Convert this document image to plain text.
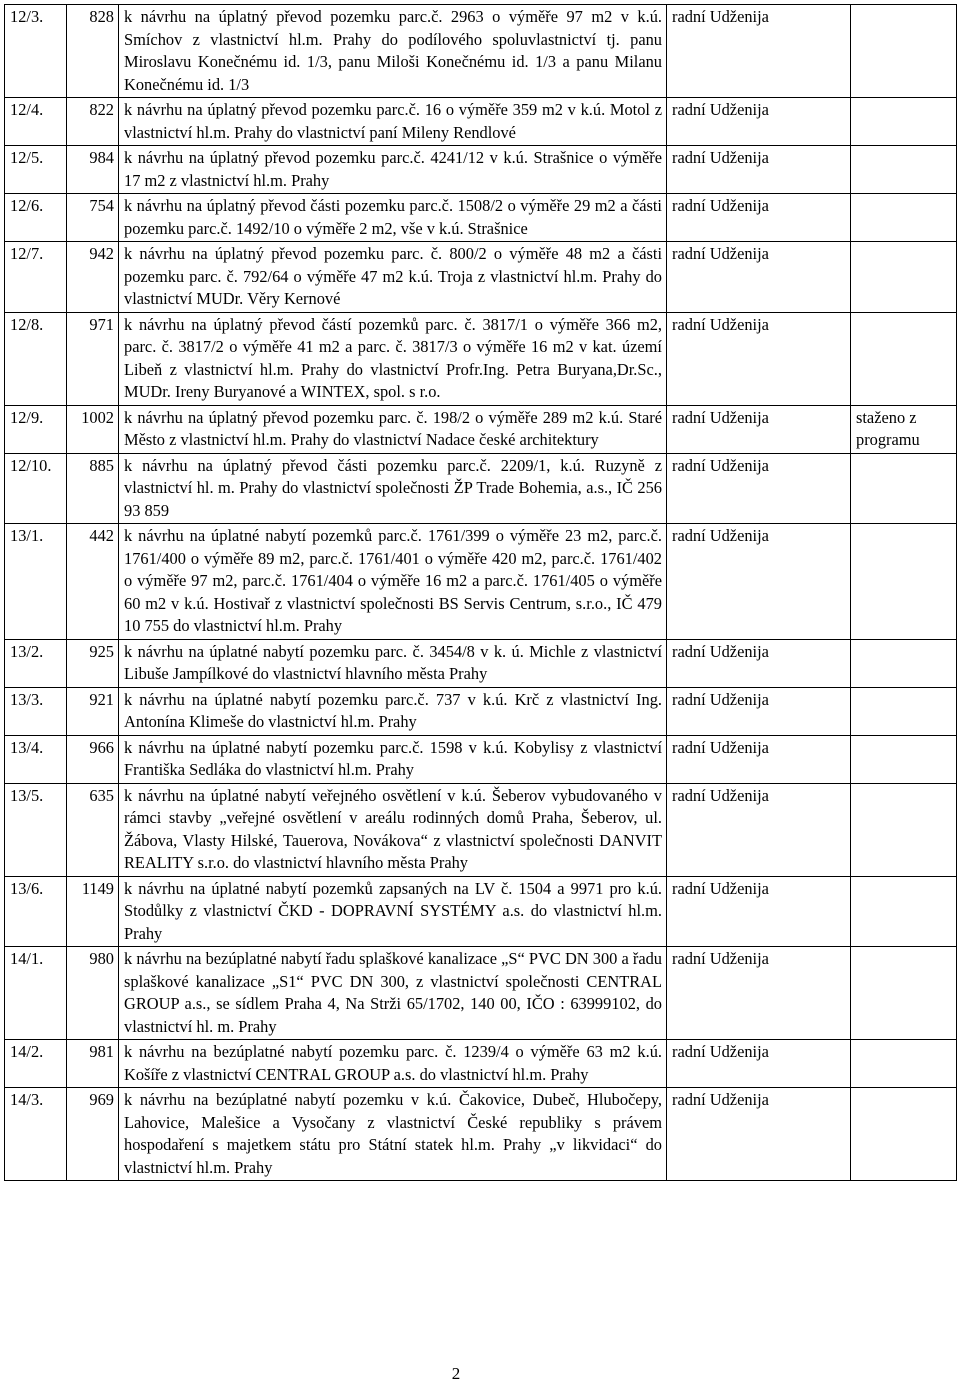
12/3.	828	k návrhu na úplatný převod pozemku parc.č. 2963 o výměře 97 m2 v k.ú. Smíchov z vlastnictví hl.m. Prahy do podílového spoluvlastnictví tj. panu Miroslavu Konečnému id. 1/3, panu Miloši Konečnému id. 1/3 a panu Milanu Konečnému id. 1/3	radní Udženija	
12/4.	822	k návrhu na úplatný převod pozemku parc.č. 16 o výměře 359 m2 v k.ú. Motol z vlastnictví hl.m. Prahy do vlastnictví paní Mileny Rendlové	radní Udženija	
12/5.	984	k návrhu na úplatný převod pozemku parc.č. 4241/12 v k.ú. Strašnice o výměře 17 m2 z vlastnictví hl.m. Prahy	radní Udženija	
12/6.	754	k návrhu na úplatný převod části pozemku parc.č. 1508/2 o výměře 29 m2 a části pozemku parc.č. 1492/10 o výměře 2 m2, vše v k.ú. Strašnice	radní Udženija	
12/7.	942	k návrhu na úplatný převod pozemku parc. č. 800/2 o výměře 48 m2 a části pozemku parc. č. 792/64 o výměře 47 m2 k.ú. Troja z vlastnictví hl.m. Prahy do vlastnictví MUDr. Věry Kernové	radní Udženija	
12/8.	971	k návrhu na úplatný převod částí pozemků parc. č. 3817/1 o výměře 366 m2, parc. č. 3817/2 o výměře 41 m2 a parc. č. 3817/3 o výměře 16 m2 v kat. území Libeň z vlastnictví hl.m. Prahy do vlastnictví Profr.Ing. Petra Buryana,Dr.Sc., MUDr. Ireny Buryanové a WINTEX, spol. s r.o.	radní Udženija	
12/9.	1002	k návrhu na úplatný převod pozemku parc. č. 198/2 o výměře 289 m2 k.ú. Staré Město z vlastnictví hl.m. Prahy do vlastnictví Nadace české architektury	radní Udženija	staženo z programu
12/10.	885	k návrhu na úplatný převod části pozemku parc.č. 2209/1, k.ú. Ruzyně z vlastnictví hl. m. Prahy do vlastnictví společnosti ŽP Trade Bohemia, a.s., IČ 256 93 859	radní Udženija	
13/1.	442	k návrhu na úplatné nabytí pozemků parc.č. 1761/399 o výměře 23 m2, parc.č. 1761/400 o výměře 89 m2, parc.č. 1761/401 o výměře 420 m2, parc.č. 1761/402 o výměře 97 m2, parc.č. 1761/404 o výměře 16 m2 a parc.č. 1761/405 o výměře 60 m2 v k.ú. Hostivař z vlastnictví společnosti BS Servis Centrum, s.r.o., IČ 479 10 755 do vlastnictví hl.m. Prahy	radní Udženija	
13/2.	925	k návrhu na úplatné nabytí pozemku parc. č. 3454/8 v k. ú. Michle z vlastnictví Libuše Jampílkové do vlastnictví hlavního města Prahy	radní Udženija	
13/3.	921	k návrhu na úplatné nabytí pozemku parc.č. 737 v k.ú. Krč z vlastnictví Ing. Antonína Klimeše do vlastnictví hl.m. Prahy	radní Udženija	
13/4.	966	k návrhu na úplatné nabytí pozemku parc.č. 1598 v k.ú. Kobylisy z vlastnictví Františka Sedláka do vlastnictví hl.m. Prahy	radní Udženija	
13/5.	635	k návrhu na úplatné nabytí veřejného osvětlení v k.ú. Šeberov vybudovaného v rámci stavby „veřejné osvětlení v areálu rodinných domů Praha, Šeberov, ul. Žábova, Vlasty Hilské, Tauerova, Novákova“ z vlastnictví společnosti DANVIT REALITY s.r.o. do vlastnictví hlavního města Prahy	radní Udženija	
13/6.	1149	k návrhu na úplatné nabytí pozemků zapsaných na LV č. 1504 a 9971 pro k.ú. Stodůlky z vlastnictví ČKD - DOPRAVNÍ SYSTÉMY a.s. do vlastnictví hl.m. Prahy	radní Udženija	
14/1.	980	k návrhu na bezúplatné nabytí řadu splaškové kanalizace „S“ PVC DN 300 a řadu splaškové kanalizace „S1“ PVC DN 300, z vlastnictví společnosti CENTRAL GROUP a.s., se sídlem Praha 4, Na Strži 65/1702, 140 00, IČO : 63999102, do vlastnictví hl. m. Prahy	radní Udženija	
14/2.	981	k návrhu na bezúplatné nabytí pozemku parc. č. 1239/4 o výměře 63 m2 k.ú. Košíře z vlastnictví CENTRAL GROUP a.s. do vlastnictví hl.m. Prahy	radní Udženija	
14/3.	969	k návrhu na bezúplatné nabytí pozemku v k.ú. Čakovice, Dubeč, Hlubočepy, Lahovice, Malešice a Vysočany z vlastnictví České republiky s právem hospodaření s majetkem státu pro Státní statek hl.m. Prahy „v likvidaci“ do vlastnictví hl.m. Prahy	radní Udženija	
2
